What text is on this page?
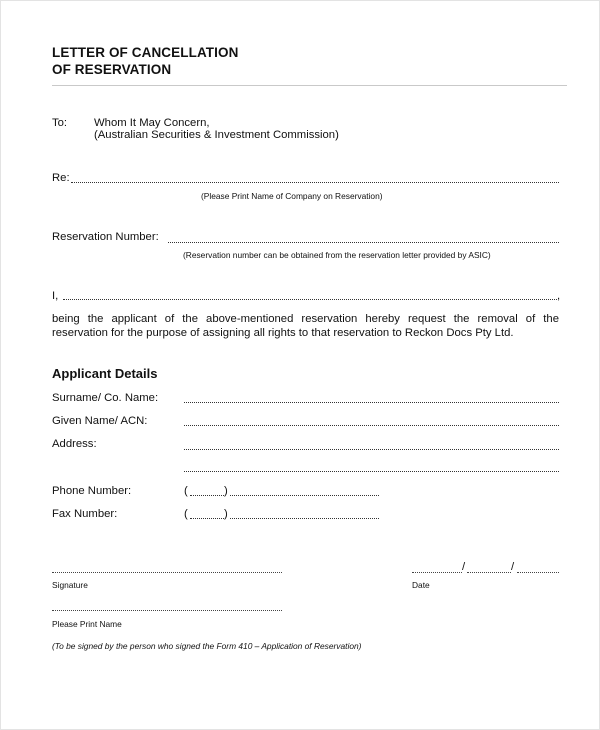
LETTER OF CANCELLATION
OF RESERVATION
To: Whom It May Concern,
(Australian Securities & Investment Commission)
Re:
(Please Print Name of Company on Reservation)
Reservation Number:
(Reservation number can be obtained from the reservation letter provided by ASIC)
I,	,
being the applicant of the above-mentioned reservation hereby request the removal of the
reservation for the purpose of assigning all rights to that reservation to Reckon Docs Pty Ltd.
Applicant Details
Surname/ Co. Name:
Given Name/ ACN:
Address:
Phone Number:	(	)
Fax Number:	(	)
Signature
/	/
Date
Please Print Name
(To be signed by the person who signed the Form 410 – Application of Reservation)
